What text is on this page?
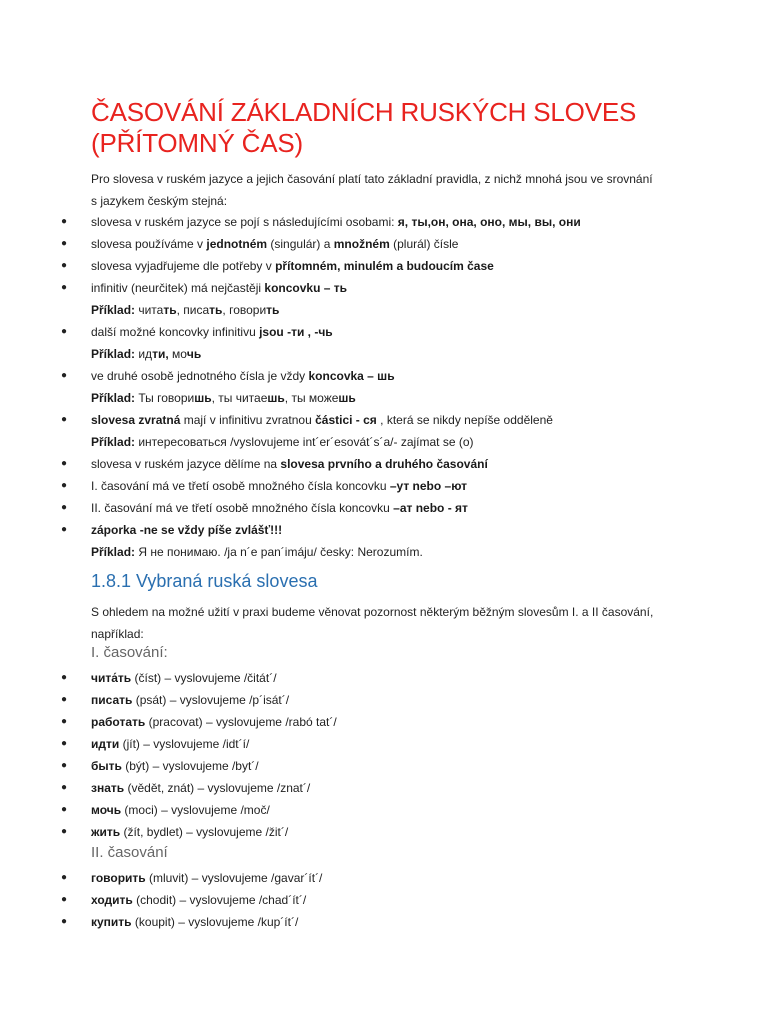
ČASOVÁNÍ ZÁKLADNÍCH RUSKÝCH SLOVES (PŘÍTOMNÝ ČAS)
Pro slovesa v ruském jazyce a jejich časování platí tato základní pravidla, z nichž mnohá jsou ve srovnání
s jazykem českým stejná:
● slovesa v ruském jazyce se pojí s následujícími osobami: я, ты,он, она, оно, мы, вы, они
● slovesa používáme v jednotném (singulár) a množném (plurál) čísle
● slovesa vyjadřujeme dle potřeby v přítomném, minulém a budoucím čase
● infinitiv (neurčitek) má nejčastěji koncovku – ть
Příklad: читать, писать, говорить
● další možné koncovky infinitivu jsou -ти , -чь
Příklad: идти, мочь
● ve druhé osobě jednotného čísla je vždy koncovka – шь
Příklad: Ты говоришь, ты читаешь, ты можешь
● slovesa zvratná mají v infinitivu zvratnou částici - ся , která se nikdy nepíše odděleně
Příklad: интересоваться /vyslovujeme int´er´esovát´s´a/- zajímat se (o)
● slovesa v ruském jazyce dělíme na slovesa prvního a druhého časování
● I. časování má ve třetí osobě množného čísla koncovku –ут nebo –ют
● II. časování má ve třetí osobě množného čísla koncovku –ат nebo - ят
● záporka -ne se vždy píše zvlášť!!!
Příklad: Я не понимаю. /ja n´e pan´imáju/ česky: Nerozumím.
1.8.1 Vybraná ruská slovesa
S ohledem na možné užití v praxi budeme věnovat pozornost některým běžným slovesům I. a II časování,
například:
I. časování:
● чита́ть (číst) – vyslovujeme /čitát´/
● писать (psát) – vyslovujeme /p´isát´/
● работать (pracovat) – vyslovujeme /rabó tat´/
● идти (jít) – vyslovujeme /idt´í/
● быть (být) – vyslovujeme /byt´/
● знать (vědět, znát) – vyslovujeme /znat´/
● мочь (moci) – vyslovujeme /moč/
● жить (žít, bydlet) – vyslovujeme /žit´/
II. časování
● говорить (mluvit) – vyslovujeme /gavar´ít´/
● ходить (chodit) – vyslovujeme /chad´ít´/
● купить (koupit) – vyslovujeme /kup´ít´/
